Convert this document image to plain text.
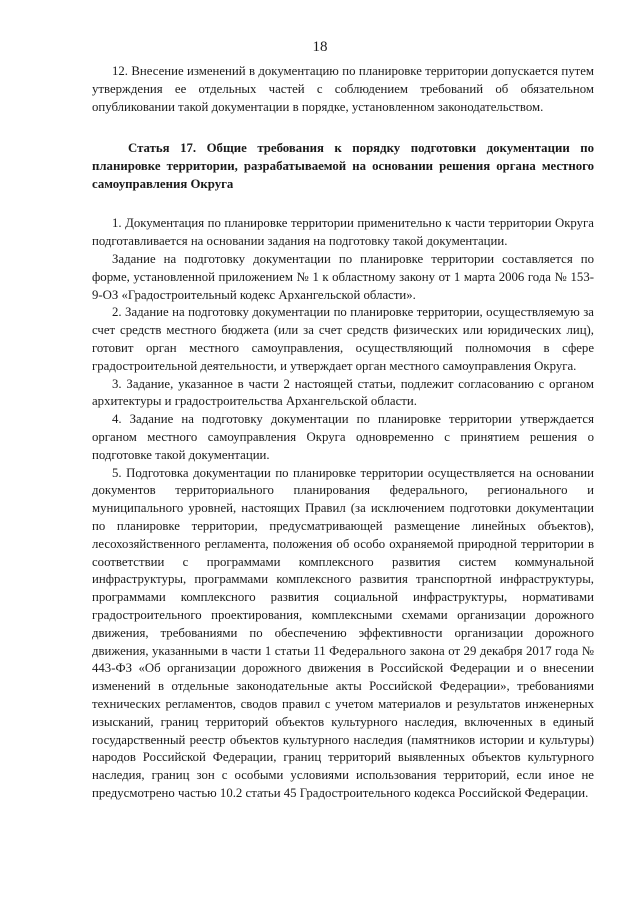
18

12. Внесение изменений в документацию по планировке территории допускается путем утверждения ее отдельных частей с соблюдением требований об обязательном опубликовании такой документации в порядке, установленном законодательством.

Статья 17. Общие требования к порядку подготовки документации по планировке территории, разрабатываемой на основании решения органа местного самоуправления Округа

1. Документация по планировке территории применительно к части территории Округа подготавливается на основании задания на подготовку такой документации.

Задание на подготовку документации по планировке территории составляется по форме, установленной приложением № 1 к областному закону от 1 марта 2006 года № 153-9-ОЗ «Градостроительный кодекс Архангельской области».

2. Задание на подготовку документации по планировке территории, осуществляемую за счет средств местного бюджета (или за счет средств физических или юридических лиц), готовит орган местного самоуправления, осуществляющий полномочия в сфере градостроительной деятельности, и утверждает орган местного самоуправления Округа.

3. Задание, указанное в части 2 настоящей статьи, подлежит согласованию с органом архитектуры и градостроительства Архангельской области.

4. Задание на подготовку документации по планировке территории утверждается органом местного самоуправления Округа одновременно с принятием решения о подготовке такой документации.

5. Подготовка документации по планировке территории осуществляется на основании документов территориального планирования федерального, регионального и муниципального уровней, настоящих Правил (за исключением подготовки документации по планировке территории, предусматривающей размещение линейных объектов), лесохозяйственного регламента, положения об особо охраняемой природной территории в соответствии с программами комплексного развития систем коммунальной инфраструктуры, программами комплексного развития транспортной инфраструктуры, программами комплексного развития социальной инфраструктуры, нормативами градостроительного проектирования, комплексными схемами организации дорожного движения, требованиями по обеспечению эффективности организации дорожного движения, указанными в части 1 статьи 11 Федерального закона от 29 декабря 2017 года № 443-ФЗ «Об организации дорожного движения в Российской Федерации и о внесении изменений в отдельные законодательные акты Российской Федерации», требованиями технических регламентов, сводов правил с учетом материалов и результатов инженерных изысканий, границ территорий объектов культурного наследия, включенных в единый государственный реестр объектов культурного наследия (памятников истории и культуры) народов Российской Федерации, границ территорий выявленных объектов культурного наследия, границ зон с особыми условиями использования территорий, если иное не предусмотрено частью 10.2 статьи 45 Градостроительного кодекса Российской Федерации.
